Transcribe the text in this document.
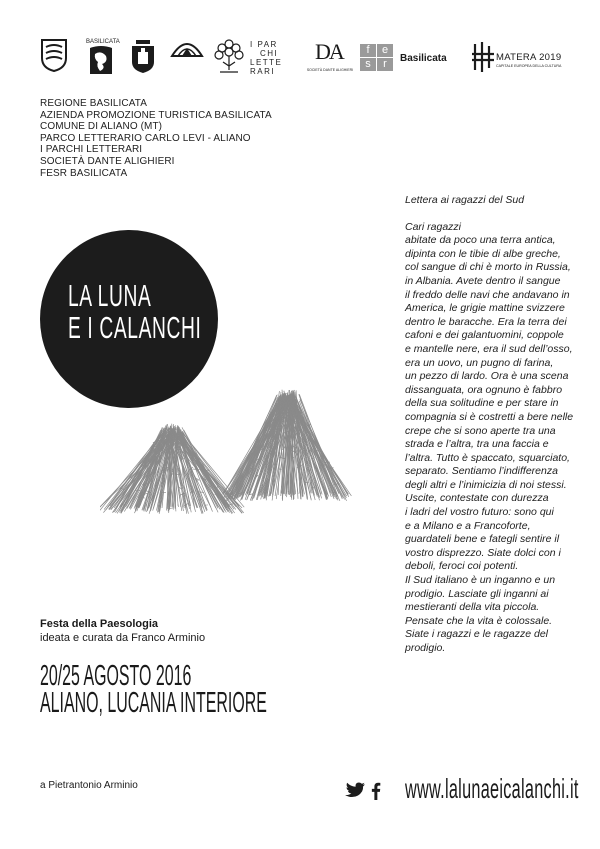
BASILICATA	I PAR
CHI
LETTE
RARI
DA
SOCIETÀ DANTE ALIGHIERI
f	e
s	r	Basilicata	MATERA 2019
CAPITALE EUROPEA DELLA CULTURA
REGIONE BASILICATA
AZIENDA PROMOZIONE TURISTICA BASILICATA
COMUNE DI ALIANO (MT)
PARCO LETTERARIO CARLO LEVI - ALIANO
I PARCHI LETTERARI
SOCIETÀ DANTE ALIGHIERI
FESR BASILICATA
LA LUNA
E I CALANCHI
Festa della Paesologia
ideata e curata da Franco Arminio
20/25 AGOSTO 2016
ALIANO, LUCANIA INTERIORE
a Pietrantonio Arminio
Lettera ai ragazzi del Sud

Cari ragazzi

abitate da poco una terra antica,

dipinta con le tibie di albe greche,

col sangue di chi è morto in Russia,

in Albania. Avete dentro il sangue

il freddo delle navi che andavano in

America, le grigie mattine svizzere

dentro le baracche. Era la terra dei

cafoni e dei galantuomini, coppole

e mantelle nere, era il sud dell’osso,

era un uovo, un pugno di farina,

un pezzo di lardo. Ora è una scena

dissanguata, ora ognuno è fabbro

della sua solitudine e per stare in

compagnia si è costretti a bere nelle

crepe che si sono aperte tra una

strada e l’altra, tra una faccia e

l’altra. Tutto è spaccato, squarciato,

separato. Sentiamo l’indifferenza

degli altri e l’inimicizia di noi stessi.

Uscite, contestate con durezza

i ladri del vostro futuro: sono qui

e a Milano e a Francoforte,

guardateli bene e fategli sentire il

vostro disprezzo. Siate dolci con i

deboli, feroci coi potenti.

Il Sud italiano è un inganno e un

prodigio. Lasciate gli inganni ai

mestieranti della vita piccola.

Pensate che la vita è colossale.

Siate i ragazzi e le ragazze del

prodigio.

www.lalunaeicalanchi.it
